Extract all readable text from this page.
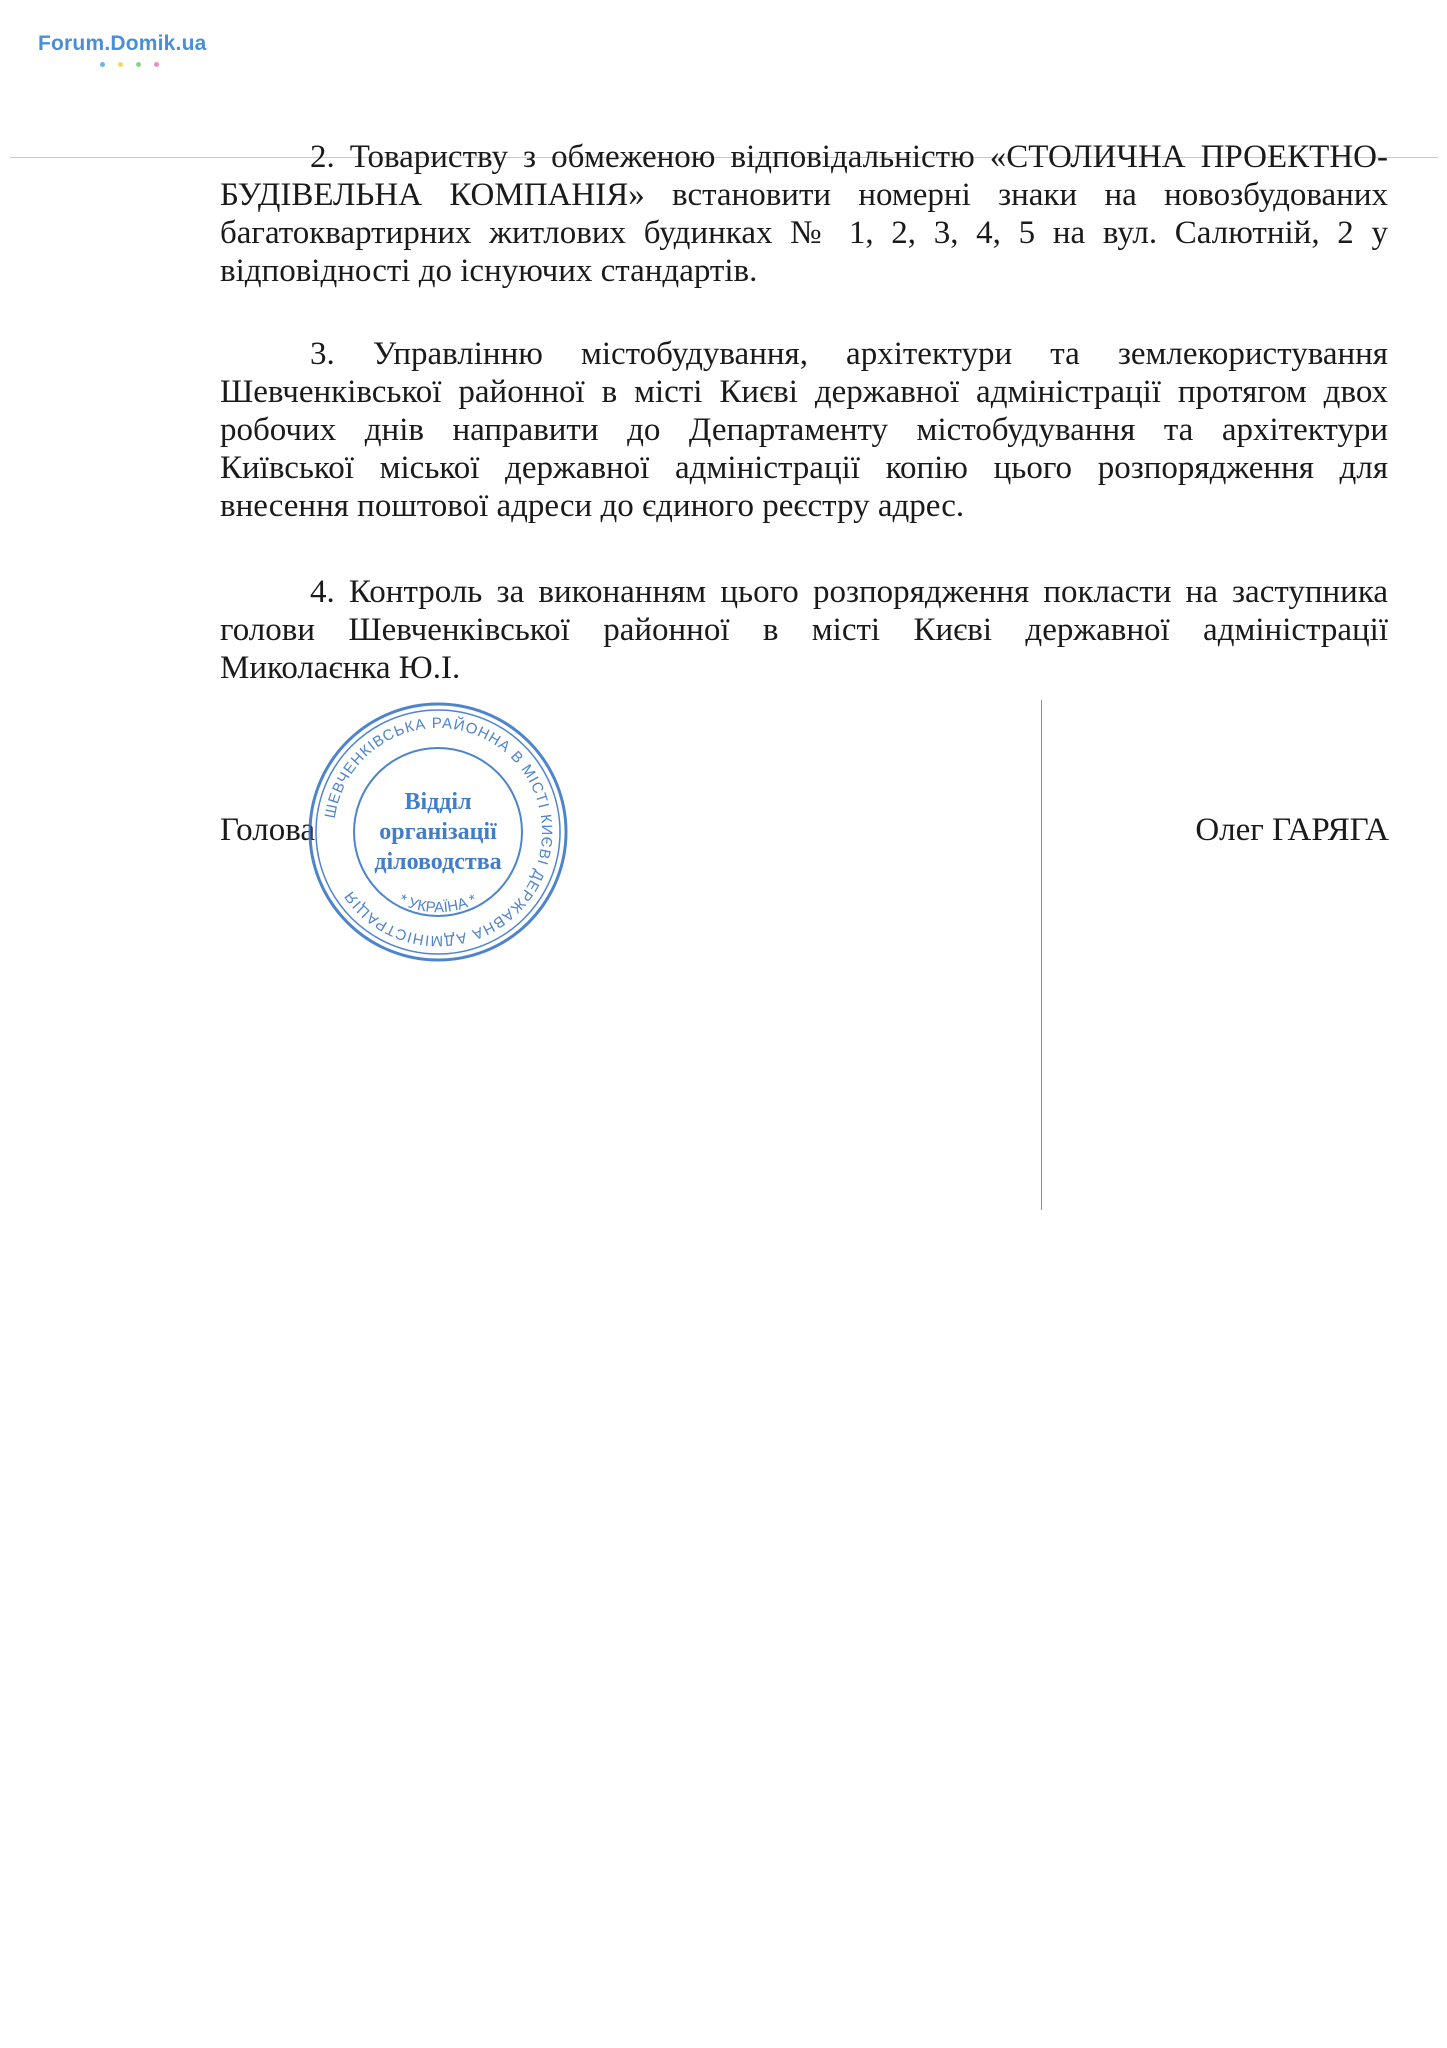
Forum.Domik.ua

2. Товариству з обмеженою відповідальністю «СТОЛИЧНА ПРОЕКТНО-БУДІВЕЛЬНА КОМПАНІЯ» встановити номерні знаки на новозбудованих багатоквартирних житлових будинках № 1, 2, 3, 4, 5 на вул. Салютній, 2 у відповідності до існуючих стандартів.

3. Управлінню містобудування, архітектури та землекористування Шевченківської районної в місті Києві державної адміністрації протягом двох робочих днів направити до Департаменту містобудування та архітектури Київської міської державної адміністрації копію цього розпорядження для внесення поштової адреси до єдиного реєстру адрес.

4. Контроль за виконанням цього розпорядження покласти на заступника голови Шевченківської районної в місті Києві державної адміністрації Миколаєнка Ю.І.

Голова	Олег ГАРЯГА
ШЕВЧЕНКІВСЬКА РАЙОННА В МІСТІ КИЄВІ ДЕРЖАВНА АДМІНІСТРАЦІЯ	* УКРАЇНА *
Відділ
організації
діловодства
